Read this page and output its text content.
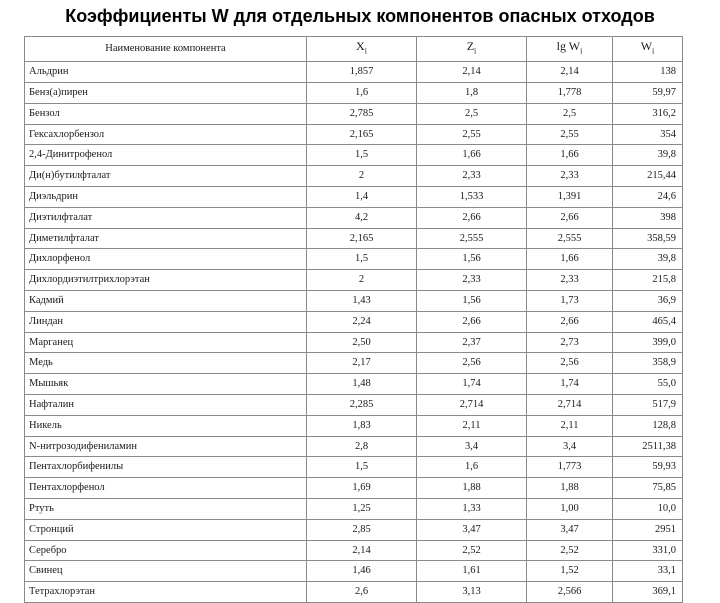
Коэффициенты W для отдельных компонентов опасных отходов
Наименование компонента	$X_i$	$Z_i$	$\lg W_i$	$W_i$
Альдрин	1,857	2,14	2,14	138
Бенз(а)пирен	1,6	1,8	1,778	59,97
Бензол	2,785	2,5	2,5	316,2
Гексахлорбензол	2,165	2,55	2,55	354
2,4-Динитрофенол	1,5	1,66	1,66	39,8
Ди(н)бутилфталат	2	2,33	2,33	215,44
Диэльдрин	1,4	1,533	1,391	24,6
Диэтилфталат	4,2	2,66	2,66	398
Диметилфталат	2,165	2,555	2,555	358,59
Дихлорфенол	1,5	1,56	1,66	39,8
Дихлордиэтилтрихлорэтан	2	2,33	2,33	215,8
Кадмий	1,43	1,56	1,73	36,9
Линдан	2,24	2,66	2,66	465,4
Марганец	2,50	2,37	2,73	399,0
Медь	2,17	2,56	2,56	358,9
Мышьяк	1,48	1,74	1,74	55,0
Нафталин	2,285	2,714	2,714	517,9
Никель	1,83	2,11	2,11	128,8
N-нитрозодифениламин	2,8	3,4	3,4	2511,38
Пентахлорбифенилы	1,5	1,6	1,773	59,93
Пентахлорфенол	1,69	1,88	1,88	75,85
Ртуть	1,25	1,33	1,00	10,0
Стронций	2,85	3,47	3,47	2951
Серебро	2,14	2,52	2,52	331,0
Свинец	1,46	1,61	1,52	33,1
Тетрахлорэтан	2,6	3,13	2,566	369,1
